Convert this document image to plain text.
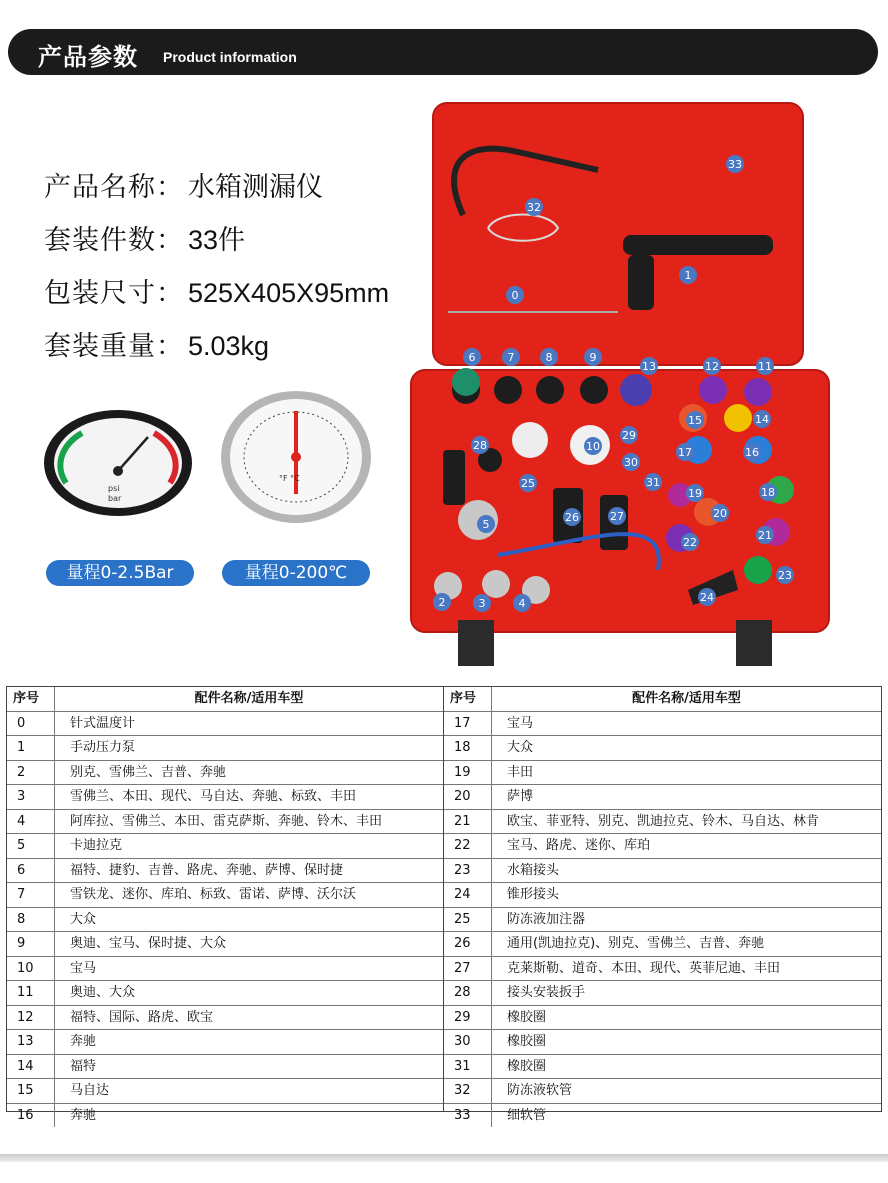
产品参数 Product information
产品名称： 水箱测漏仪
套装件数： 33件
包装尺寸： 525X405X95mm
套装重量： 5.03kg
psi
bar
°F °C
量程0-2.5Bar	量程0-200℃
0
1
2	3	4
5
6	7	8	9
10
11
12
13
14
15
16
17
18
19
20
21
22
23
24
25
26	27
28
29
30
31
32
33
序号	配件名称/适用车型
0	针式温度计
1	手动压力泵
2	别克、雪佛兰、吉普、奔驰
3	雪佛兰、本田、现代、马自达、奔驰、标致、丰田
4	阿库拉、雪佛兰、本田、雷克萨斯、奔驰、铃木、丰田
5	卡迪拉克
6	福特、捷豹、吉普、路虎、奔驰、萨博、保时捷
7	雪铁龙、迷你、库珀、标致、雷诺、萨博、沃尔沃
8	大众
9	奥迪、宝马、保时捷、大众
10	宝马
11	奥迪、大众
12	福特、国际、路虎、欧宝
13	奔驰
14	福特
15	马自达
16	奔驰
序号	配件名称/适用车型
17	宝马
18	大众
19	丰田
20	萨博
21	欧宝、菲亚特、别克、凯迪拉克、铃木、马自达、林肯
22	宝马、路虎、迷你、库珀
23	水箱接头
24	锥形接头
25	防冻液加注器
26	通用(凯迪拉克)、别克、雪佛兰、吉普、奔驰
27	克莱斯勒、道奇、本田、现代、英菲尼迪、丰田
28	接头安装扳手
29	橡胶圈
30	橡胶圈
31	橡胶圈
32	防冻液软管
33	细软管
